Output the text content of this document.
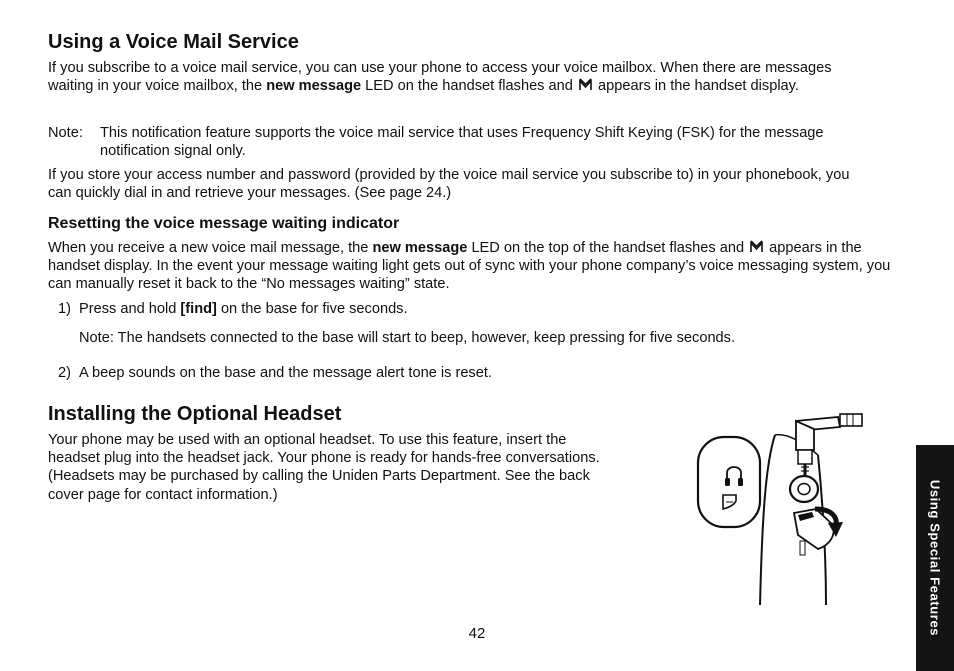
Using a Voice Mail Service

If you subscribe to a voice mail service, you can use your phone to access your voice mailbox. When there are messages waiting in your voice mailbox, the new message LED on the handset flashes and  appears in the handset display.

Note: This notification feature supports the voice mail service that uses Frequency Shift Keying (FSK) for the message notification signal only.

If you store your access number and password (provided by the voice mail service you subscribe to) in your phonebook, you can quickly dial in and retrieve your messages. (See page 24.)

Resetting the voice message waiting indicator

When you receive a new voice mail message, the new message LED on the top of the handset flashes and  appears in the handset display. In the event your message waiting light gets out of sync with your phone company’s voice messaging system, you can manually reset it back to the “No messages waiting” state.

1) Press and hold [find] on the base for five seconds.

Note: The handsets connected to the base will start to beep, however, keep pressing for five seconds.

2) A beep sounds on the base and the message alert tone is reset.

Installing the Optional Headset

Your phone may be used with an optional headset. To use this feature, insert the headset plug into the headset jack. Your phone is ready for hands-free conversations. (Headsets may be purchased by calling the Uniden Parts Department. See the back cover page for contact information.)	Using Special Features
42
